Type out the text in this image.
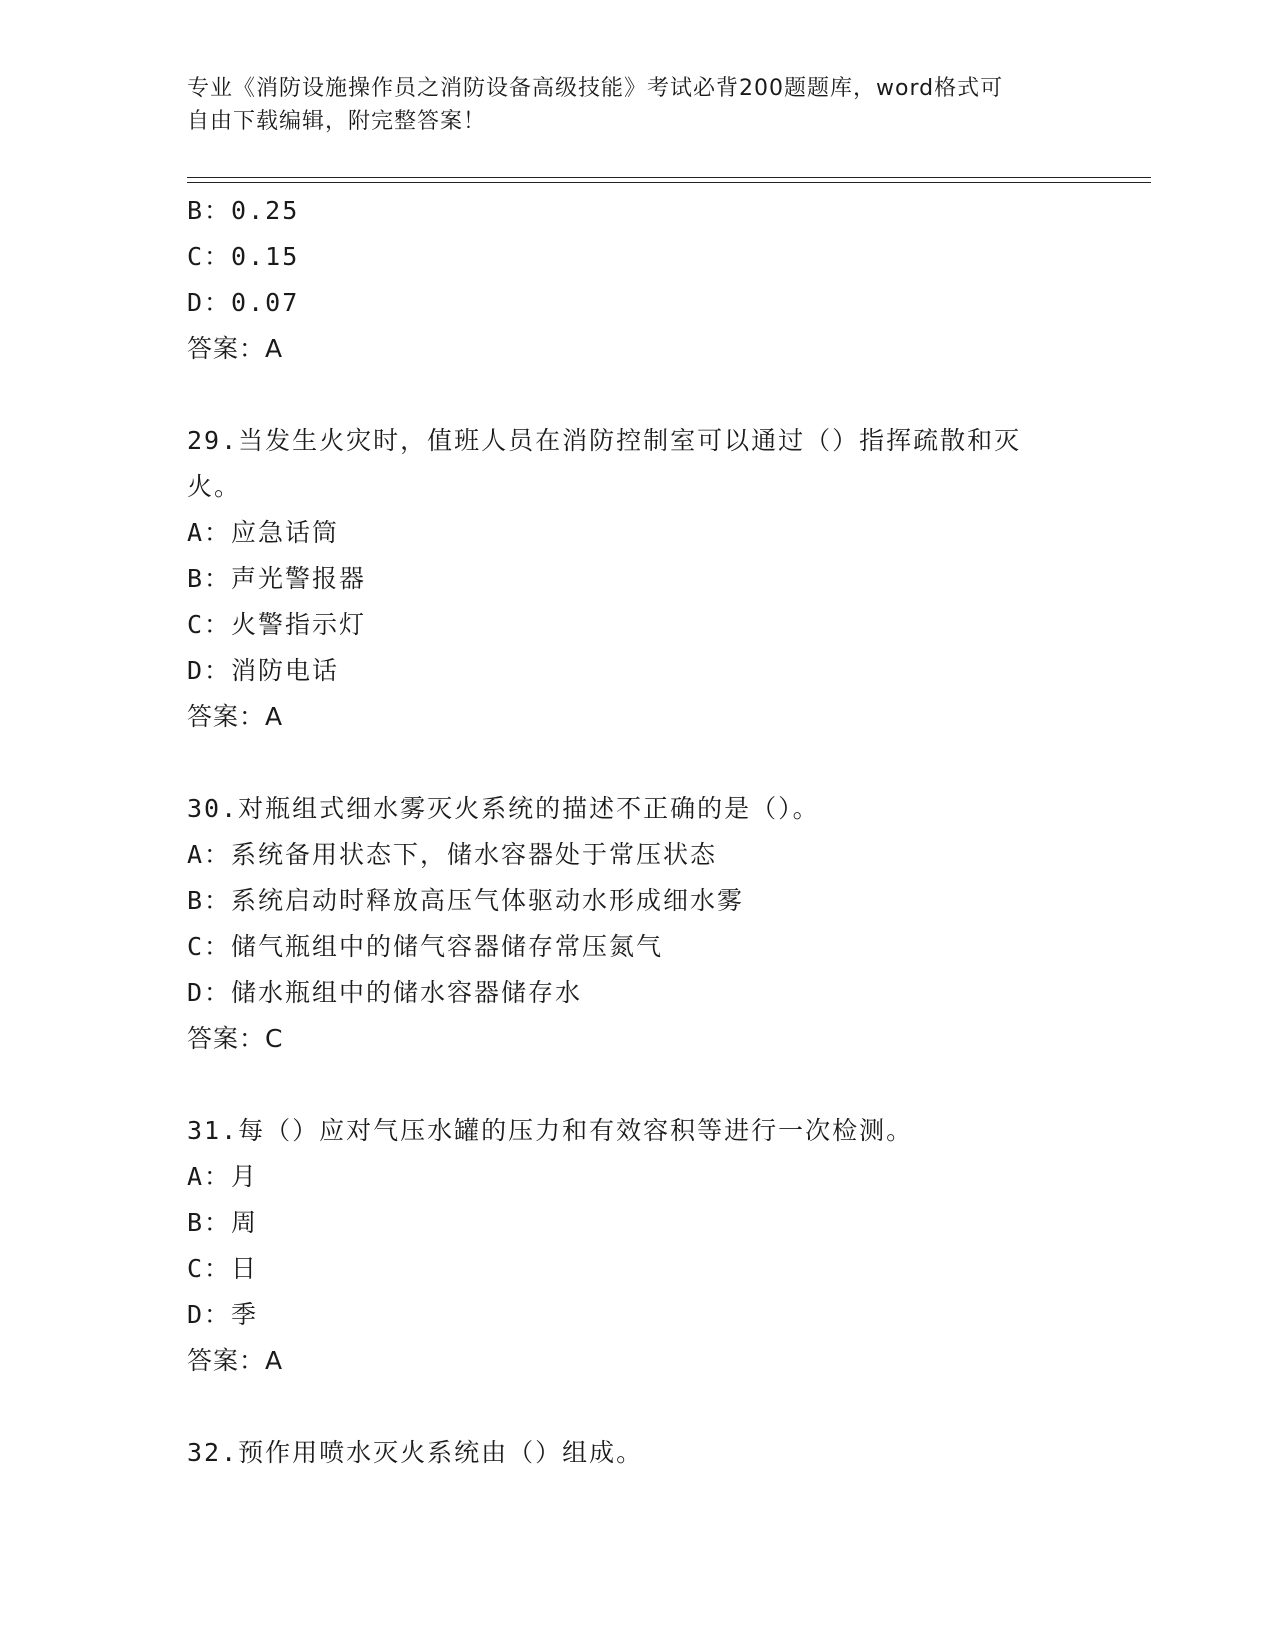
专业《消防设施操作员之消防设备高级技能》考试必背200题题库，word格式可
自由下载编辑，附完整答案！
B：0.25
C：0.15
D：0.07
答案：A
29.当发生火灾时，值班人员在消防控制室可以通过（）指挥疏散和灭
火。
A：应急话筒
B：声光警报器
C：火警指示灯
D：消防电话
答案：A
30.对瓶组式细水雾灭火系统的描述不正确的是（）。
A：系统备用状态下，储水容器处于常压状态
B：系统启动时释放高压气体驱动水形成细水雾
C：储气瓶组中的储气容器储存常压氮气
D：储水瓶组中的储水容器储存水
答案：C
31.每（）应对气压水罐的压力和有效容积等进行一次检测。
A：月
B：周
C：日
D：季
答案：A
32.预作用喷水灭火系统由（）组成。
